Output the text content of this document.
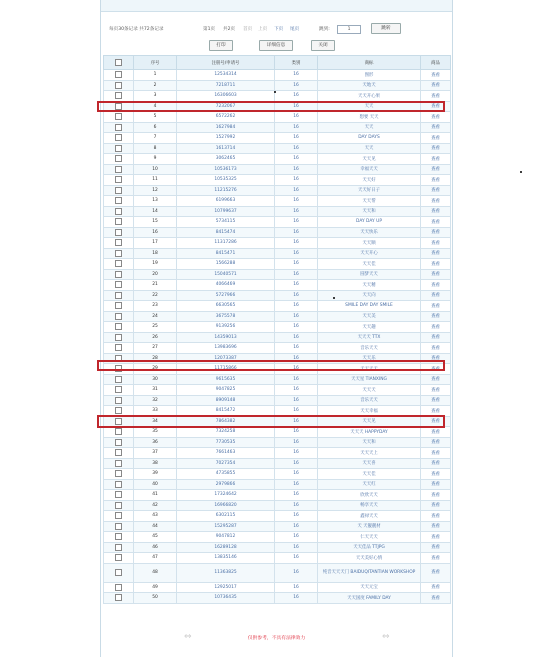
每页30条记录 共72条记录	第1页 共2页 首页 上页 下页 尾页	跳到:	1	跳转
打印	详细信息	关闭
	序号	注册号/申请号	类别	商标	商品
	1	12534314	16	图形	查看
	2	7218711	16	天地天	查看
	3	16306603	16	天天开心果	查看
	4	7232067	16	天天	查看
	5	6572262	16	想要 天天	查看
	6	1627984	16	天天	查看
	7	1527992	16	DAY DAYS	查看
	8	1613714	16	天天	查看
	9	3062465	16	天天见	查看
	10	10536173	16	幸福天天	查看
	11	10535325	16	天天好	查看
	12	11215276	16	天天好日子	查看
	13	6199663	16	天天帮	查看
	14	10799637	16	天天和	查看
	15	5734115	16	DAY DAY UP	查看
	16	8415474	16	天天快乐	查看
	17	11317286	16	天天顺	查看
	18	8415471	16	天天开心	查看
	19	1566288	16	天天佳	查看
	20	15040571	16	圆梦天天	查看
	21	4066469	16	天天精	查看
	22	5727966	16	天天向	查看
	23	6630565	16	SMILE DAY DAY SMILE	查看
	24	3675578	16	天天美	查看
	25	9139256	16	天天趣	查看
	26	14359013	16	天天天 TTX	查看
	27	13983696	16	音乐天天	查看
	28	12073387	16	天天乐	查看
	29	11715866	16	天天天天	查看
	30	9615635	16	天天星 TIANXING	查看
	31	9047825	16	天天天	查看
	32	8909148	16	音乐天天	查看
	33	8415472	16	天天幸福	查看
	34	7864382	16	天天见	查看
	35	7324258	16	天天天 HAPPYDAY	查看
	36	7730535	16	天天和	查看
	37	7661463	16	天天天上	查看
	38	7027354	16	天天喜	查看
	39	4735855	16	天天佳	查看
	40	2979866	16	天天红	查看
	41	17324642	16	欣欣天天	查看
	42	16966820	16	畅享天天	查看
	43	6302115	16	鑫禄天天	查看
	44	15295287	16	天 天靓靓材	查看
	45	9047812	16	仁天天天	查看
	46	16289128	16	天天佳品 TTJPG	查看
	47	13835146	16	天天美好心情	查看
	48	11363825	16	纯音天天天门 BAIDUQITANTIAN WORKSHOP	查看
	49	12925017	16	天天元宝	查看
	50	10736435	16	天天国度 FAMILY DAY	查看
⇔	⇔
仅供参考，不具有法律效力
